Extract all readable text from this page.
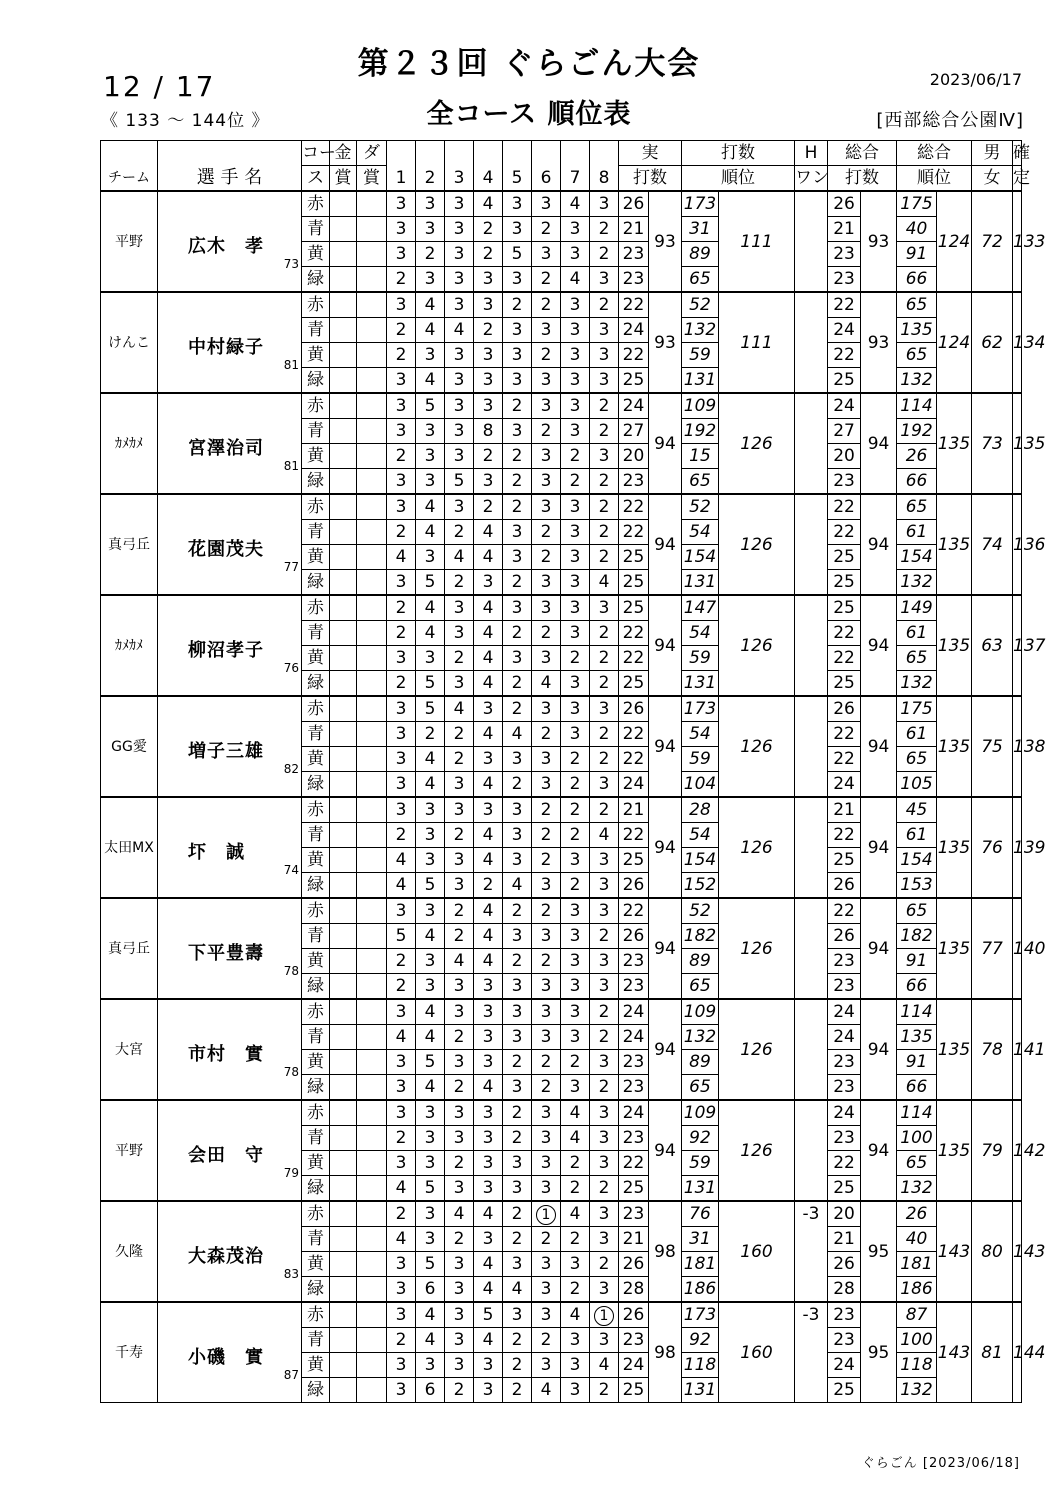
第２３回 ぐらごん大会
全コース 順位表
12 / 17
《 133 ～ 144位 》
2023/06/17
[西部総合公園Ⅳ]
チーム	選 手 名	コー	金	ダ	1	2	3	4	5	6	7	8	実		打数		H	総合		総合		男	確
		ス	賞	賞									打数		順位		ワン	打数		順位		女	定
平野	広木　孝
73	赤			3	3	3	4	3	3	4	3	26	93	173	111		26	93	175	124	72	133
		青			3	3	3	2	3	2	3	2	21		31			21		40			
		黄			3	2	3	2	5	3	3	2	23		89			23		91			
		緑			2	3	3	3	3	2	4	3	23		65			23		66			
けんこ	中村緑子
81	赤			3	4	3	3	2	2	3	2	22	93	52	111		22	93	65	124	62	134
		青			2	4	4	2	3	3	3	3	24		132			24		135			
		黄			2	3	3	3	3	2	3	3	22		59			22		65			
		緑			3	4	3	3	3	3	3	3	25		131			25		132			
ｶﾒｶﾒ	宮澤治司
81	赤			3	5	3	3	2	3	3	2	24	94	109	126		24	94	114	135	73	135
		青			3	3	3	8	3	2	3	2	27		192			27		192			
		黄			2	3	3	2	2	3	2	3	20		15			20		26			
		緑			3	3	5	3	2	3	2	2	23		65			23		66			
真弓丘	花園茂夫
77	赤			3	4	3	2	2	3	3	2	22	94	52	126		22	94	65	135	74	136
		青			2	4	2	4	3	2	3	2	22		54			22		61			
		黄			4	3	4	4	3	2	3	2	25		154			25		154			
		緑			3	5	2	3	2	3	3	4	25		131			25		132			
ｶﾒｶﾒ	柳沼孝子
76	赤			2	4	3	4	3	3	3	3	25	94	147	126		25	94	149	135	63	137
		青			2	4	3	4	2	2	3	2	22		54			22		61			
		黄			3	3	2	4	3	3	2	2	22		59			22		65			
		緑			2	5	3	4	2	4	3	2	25		131			25		132			
GG愛	増子三雄
82	赤			3	5	4	3	2	3	3	3	26	94	173	126		26	94	175	135	75	138
		青			3	2	2	4	4	2	3	2	22		54			22		61			
		黄			3	4	2	3	3	3	2	2	22		59			22		65			
		緑			3	4	3	4	2	3	2	3	24		104			24		105			
太田MX	圷　誠
74	赤			3	3	3	3	3	2	2	2	21	94	28	126		21	94	45	135	76	139
		青			2	3	2	4	3	2	2	4	22		54			22		61			
		黄			4	3	3	4	3	2	3	3	25		154			25		154			
		緑			4	5	3	2	4	3	2	3	26		152			26		153			
真弓丘	下平豊壽
78	赤			3	3	2	4	2	2	3	3	22	94	52	126		22	94	65	135	77	140
		青			5	4	2	4	3	3	3	2	26		182			26		182			
		黄			2	3	4	4	2	2	3	3	23		89			23		91			
		緑			2	3	3	3	3	3	3	3	23		65			23		66			
大宮	市村　實
78	赤			3	4	3	3	3	3	3	2	24	94	109	126		24	94	114	135	78	141
		青			4	4	2	3	3	3	3	2	24		132			24		135			
		黄			3	5	3	3	2	2	2	3	23		89			23		91			
		緑			3	4	2	4	3	2	3	2	23		65			23		66			
平野	会田　守
79	赤			3	3	3	3	2	3	4	3	24	94	109	126		24	94	114	135	79	142
		青			2	3	3	3	2	3	4	3	23		92			23		100			
		黄			3	3	2	3	3	3	2	3	22		59			22		65			
		緑			4	5	3	3	3	3	2	2	25		131			25		132			
久隆	大森茂治
83	赤			2	3	4	4	2	1	4	3	23	98	76	160	-3	20	95	26	143	80	143
		青			4	3	2	3	2	2	2	3	21		31			21		40			
		黄			3	5	3	4	3	3	3	2	26		181			26		181			
		緑			3	6	3	4	4	3	2	3	28		186			28		186			
千寿	小磯　實
87	赤			3	4	3	5	3	3	4	1	26	98	173	160	-3	23	95	87	143	81	144
		青			2	4	3	4	2	2	3	3	23		92			23		100			
		黄			3	3	3	3	2	3	3	4	24		118			24		118			
		緑			3	6	2	3	2	4	3	2	25		131			25		132			
ぐらごん [2023/06/18]
